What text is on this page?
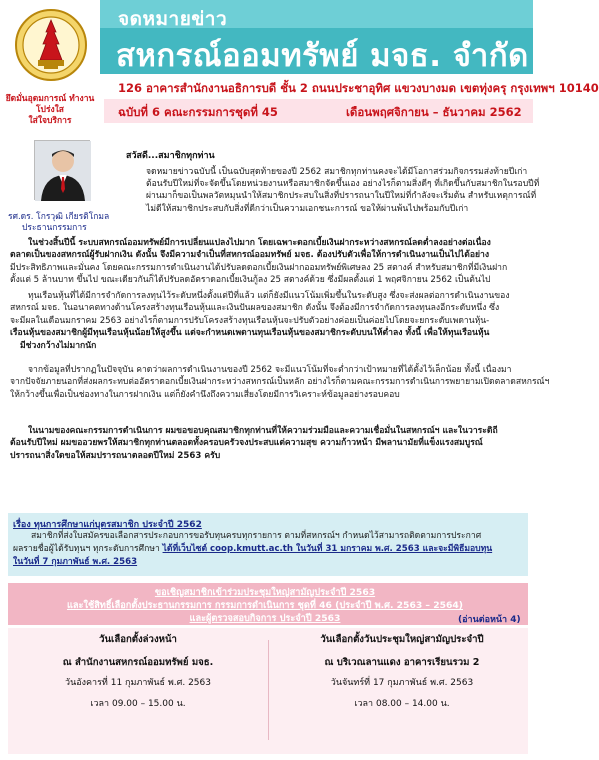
ยึดมั่นอุดมการณ์ ทำงานโปร่งใส
ใส่ใจบริการ
จดหมายข่าว
สหกรณ์ออมทรัพย์ มจธ. จำกัด
126 อาคารสำนักงานอธิการบดี ชั้น 2 ถนนประชาอุทิศ แขวงบางมด เขตทุ่งครุ กรุงเทพฯ 10140
ฉบับที่ 6 คณะกรรมการชุดที่ 45	เดือนพฤศจิกายน – ธันวาคม 2562
รศ.ดร. โกรวุฒิ เกียรติโกมล
ประธานกรรมการ
สวัสดี...สมาชิกทุกท่าน
จดหมายข่าวฉบับนี้ เป็นฉบับสุดท้ายของปี 2562 สมาชิกทุกท่านคงจะได้มีโอกาสร่วมกิจกรรมส่งท้ายปีเก่า
ต้อนรับปีใหม่ที่จะจัดขึ้นโดยหน่วยงานหรือสมาชิกจัดขึ้นเอง อย่างไรก็ตามสิ่งดีๆ ที่เกิดขึ้นกับสมาชิกในรอบปีที่
ผ่านมาก็ขอเป็นพลวัตหมุนนำให้สมาชิกประสบในสิ่งที่ปรารถนาในปีใหม่ที่กำลังจะเริ่มต้น สำหรับเหตุการณ์ที่
ไม่ดีให้สมาชิกประสบกับสิ่งที่ดีกว่าเป็นความเอกชนะการณ์ ขอให้ผ่านพ้นไปพร้อมกับปีเก่า
ในช่วงสิ้นปีนี้ ระบบสหกรณ์ออมทรัพย์มีการเปลี่ยนแปลงไปมาก โดยเฉพาะดอกเบี้ยเงินฝากระหว่างสหกรณ์ลดต่ำลงอย่างต่อเนื่อง
ตลาดเป็นของสหกรณ์ผู้รับฝากเงิน ดังนั้น จึงมีความจำเป็นที่สหกรณ์ออมทรัพย์ มจธ. ต้องปรับตัวเพื่อให้การดำเนินงานเป็นไปได้อย่าง
มีประสิทธิภาพและมั่นคง โดยคณะกรรมการดำเนินงานได้ปรับลดดอกเบี้ยเงินฝากออมทรัพย์พิเศษลง 25 สตางค์ สำหรับสมาชิกที่มีเงินฝาก
ตั้งแต่ 5 ล้านบาท ขึ้นไป ขณะเดียวกันก็ได้ปรับลดอัตราดอกเบี้ยเงินกู้ลง 25 สตางค์ด้วย ซึ่งมีผลตั้งแต่ 1 พฤศจิกายน 2562 เป็นต้นไป
ทุนเรือนหุ้นที่ได้มีการจำกัดการลงทุนไว้ระดับหนึ่งตั้งแต่ปีที่แล้ว แต่ก็ยังมีแนวโน้มเพิ่มขึ้นในระดับสูง ซึ่งจะส่งผลต่อการดำเนินงานของ
สหกรณ์ มจธ. ในอนาคตทางด้านโครงสร้างทุนเรือนหุ้นและเงินปันผลของสมาชิก ดังนั้น จึงต้องมีการจำกัดการลงทุนลงอีกระดับหนึ่ง ซึ่ง
จะมีผลในเดือนมกราคม 2563 อย่างไรก็ตามการปรับโครงสร้างทุนเรือนหุ้นจะปรับตัวอย่างค่อยเป็นค่อยไปโดยจะยกระดับเพดานหุ้น-
เรือนหุ้นของสมาชิกผู้มีทุนเรือนหุ้นน้อยให้สูงขึ้น แต่จะกำหนดเพดานทุนเรือนหุ้นของสมาชิกระดับบนให้ต่ำลง ทั้งนี้ เพื่อให้ทุนเรือนหุ้น
มีช่วงกว้างไม่มากนัก
จากข้อมูลที่ปรากฏในปัจจุบัน คาดว่าผลการดำเนินงานของปี 2562 จะมีแนวโน้มที่จะต่ำกว่าเป้าหมายที่ได้ตั้งไว้เล็กน้อย ทั้งนี้ เนื่องมา
จากปัจจัยภายนอกที่ส่งผลกระทบต่ออัตราดอกเบี้ยเงินฝากระหว่างสหกรณ์เป็นหลัก อย่างไรก็ตามคณะกรรมการดำเนินการพยายามเปิดตลาดสหกรณ์ฯ
ให้กว้างขึ้นเพื่อเป็นช่องทางในการฝากเงิน แต่ก็ยังคำนึงถึงความเสี่ยงโดยมีการวิเคราะห์ข้อมูลอย่างรอบคอบ
ในนามของคณะกรรมการดำเนินการ ผมขอขอบคุณสมาชิกทุกท่านที่ให้ความร่วมมือและความเชื่อมั่นในสหกรณ์ฯ และในวาระดิถี
ต้อนรับปีใหม่ ผมขออวยพรให้สมาชิกทุกท่านตลอดทั้งครอบครัวจงประสบแต่ความสุข ความก้าวหน้า มีพลานามัยที่แข็งแรงสมบูรณ์
ปรารถนาสิ่งใดขอให้สมปรารถนาตลอดปีใหม่ 2563 ครับ
เรื่อง ทุนการศึกษาแก่บุตรสมาชิก ประจำปี 2562
สมาชิกที่ส่งใบสมัครขอเลือกสารประกอบการขอรับทุนครบทุกรายการ ตามที่สหกรณ์ฯ กำหนดไว้สามารถติดตามการประกาศ
ผลรายชื่อผู้ได้รับทุนฯ ทุกระดับการศึกษา ได้ที่เว็บไซต์ coop.kmutt.ac.th ในวันที่ 31 มกราคม พ.ศ. 2563 และจะมีพิธีมอบทุน
ในวันที่ 7 กุมภาพันธ์ พ.ศ. 2563
ขอเชิญสมาชิกเข้าร่วมประชุมใหญ่สามัญประจำปี 2563
และใช้สิทธิ์เลือกตั้งประธานกรรมการ กรรมการดำเนินการ ชุดที่ 46 (ประจำปี พ.ศ. 2563 – 2564)
และผู้ตรวจสอบกิจการ ประจำปี 2563	(อ่านต่อหน้า 4)
วันเลือกตั้งล่วงหน้า
ณ สำนักงานสหกรณ์ออมทรัพย์ มจธ.
วันอังคารที่ 11 กุมภาพันธ์ พ.ศ. 2563
เวลา 09.00 – 15.00 น.
วันเลือกตั้งวันประชุมใหญ่สามัญประจำปี
ณ บริเวณลานแดง อาคารเรียนรวม 2
วันจันทร์ที่ 17 กุมภาพันธ์ พ.ศ. 2563
เวลา 08.00 – 14.00 น.
